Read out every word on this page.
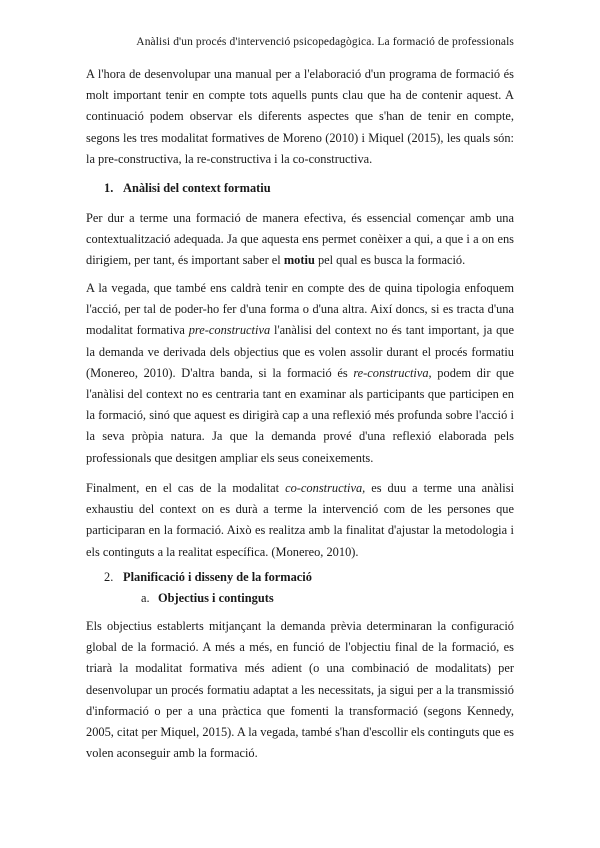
Anàlisi d'un procés d'intervenció psicopedagògica. La formació de professionals

A l'hora de desenvolupar una manual per a l'elaboració d'un programa de formació és molt important tenir en compte tots aquells punts clau que ha de contenir aquest. A continuació podem observar els diferents aspectes que s'han de tenir en compte, segons les tres modalitat formatives de Moreno (2010) i Miquel (2015), les quals són: la pre-constructiva, la re-constructiva i la co-constructiva.

1. Anàlisi del context formatiu

Per dur a terme una formació de manera efectiva, és essencial començar amb una contextualització adequada. Ja que aquesta ens permet conèixer a qui, a que i a on ens dirigiem, per tant, és important saber el motiu pel qual es busca la formació.

A la vegada, que també ens caldrà tenir en compte des de quina tipologia enfoquem l'acció, per tal de poder-ho fer d'una forma o d'una altra. Així doncs, si es tracta d'una modalitat formativa pre-constructiva l'anàlisi del context no és tant important, ja que la demanda ve derivada dels objectius que es volen assolir durant el procés formatiu (Monereo, 2010). D'altra banda, si la formació és re-constructiva, podem dir que l'anàlisi del context no es centraria tant en examinar als participants que participen en la formació, sinó que aquest es dirigirà cap a una reflexió més profunda sobre l'acció i la seva pròpia natura. Ja que la demanda prové d'una reflexió elaborada pels professionals que desitgen ampliar els seus coneixements.

Finalment, en el cas de la modalitat co-constructiva, es duu a terme una anàlisi exhaustiu del context on es durà a terme la intervenció com de les persones que participaran en la formació. Això es realitza amb la finalitat d'ajustar la metodologia i els continguts a la realitat específica. (Monereo, 2010).

2. Planificació i disseny de la formació
a. Objectius i continguts

Els objectius establerts mitjançant la demanda prèvia determinaran la configuració global de la formació. A més a més, en funció de l'objectiu final de la formació, es triarà la modalitat formativa més adient (o una combinació de modalitats) per desenvolupar un procés formatiu adaptat a les necessitats, ja sigui per a la transmissió d'informació o per a una pràctica que fomenti la transformació (segons Kennedy, 2005, citat per Miquel, 2015). A la vegada, també s'han d'escollir els continguts que es volen aconseguir amb la formació.
